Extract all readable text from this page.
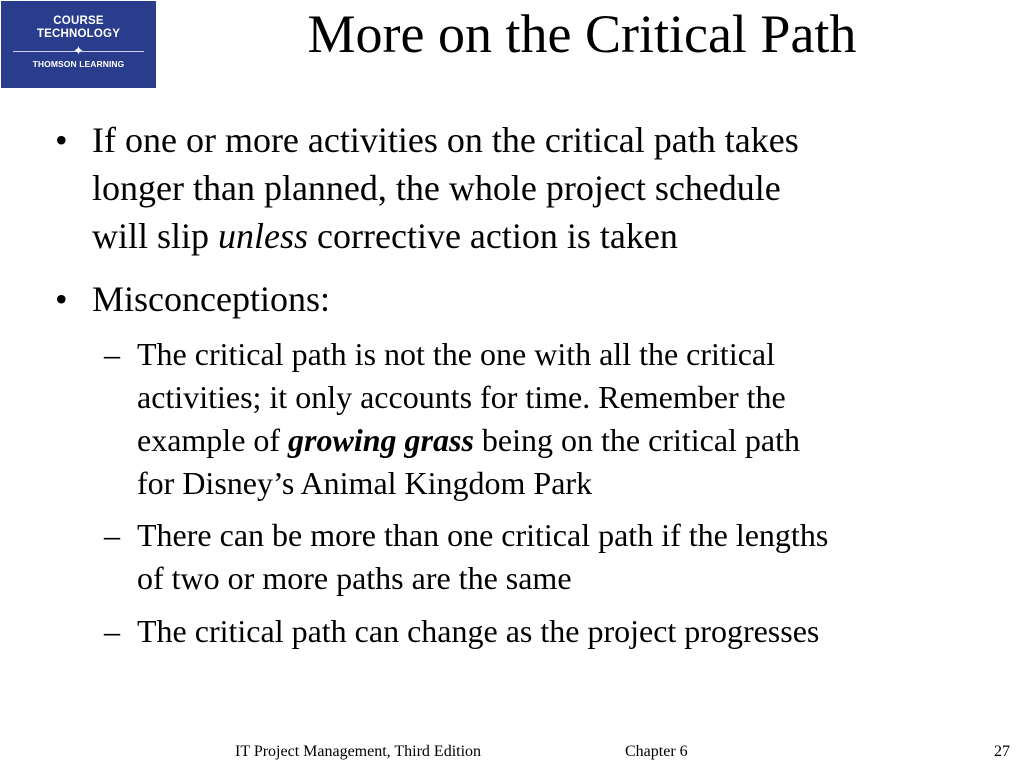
COURSE
TECHNOLOGY
✦
THOMSON LEARNING	More on the Critical Path
• If one or more activities on the critical path takes
longer than planned, the whole project schedule
will slip unless corrective action is taken
• Misconceptions:
– The critical path is not the one with all the critical
activities; it only accounts for time. Remember the
example of growing grass being on the critical path
for Disney’s Animal Kingdom Park
– There can be more than one critical path if the lengths
of two or more paths are the same
– The critical path can change as the project progresses
IT Project Management, Third Edition	Chapter 6	27
